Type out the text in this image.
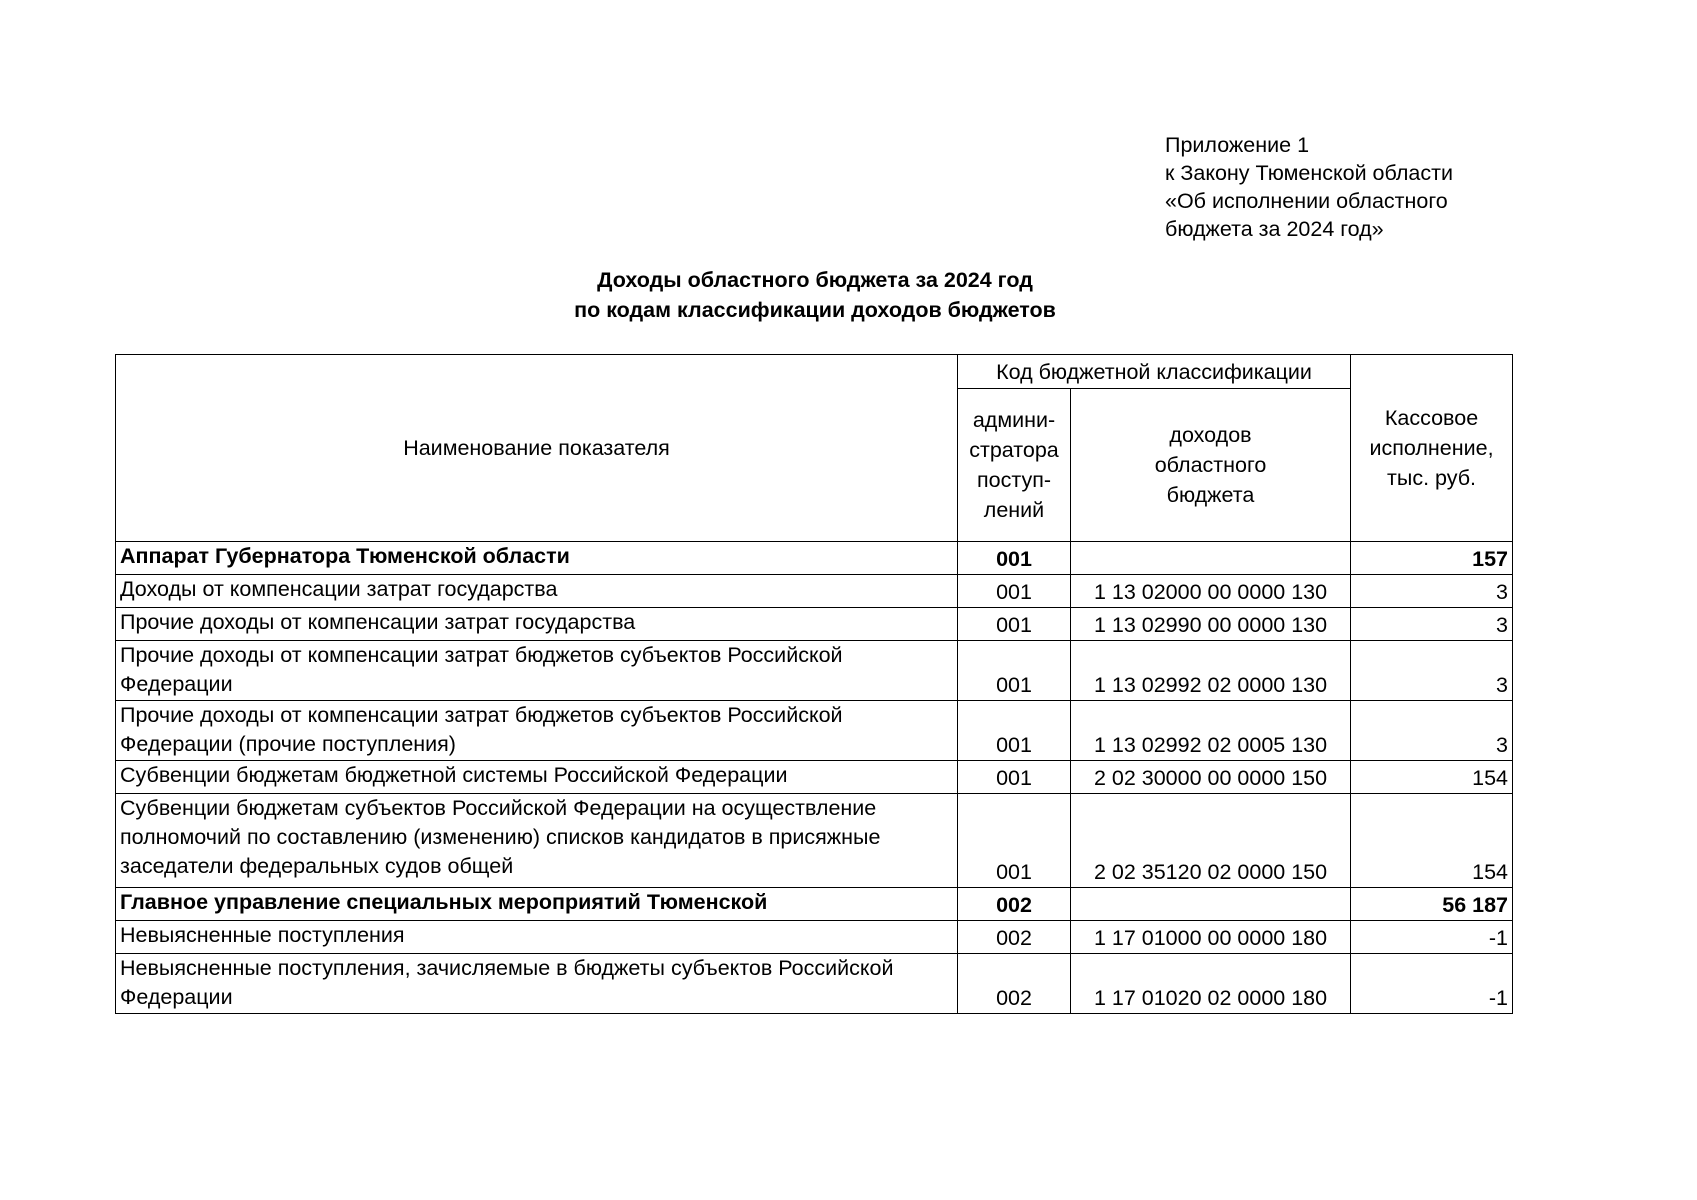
Приложение 1
к Закону Тюменской области
«Об исполнении областного
бюджета за 2024 год»
Доходы областного бюджета за 2024 год
по кодам классификации доходов бюджетов
Наименование показателя	Код бюджетной классификации		Кассовое
исполнение,
тыс. руб.
	админи-
стратора
поступ-
лений	доходов
областного
бюджета	
Аппарат Губернатора Тюменской области	001		157
Доходы от компенсации затрат государства	001	1 13 02000 00 0000 130	3
Прочие доходы от компенсации затрат государства	001	1 13 02990 00 0000 130	3
Прочие доходы от компенсации затрат бюджетов субъектов Российской Федерации	001	1 13 02992 02 0000 130	3
Прочие доходы от компенсации затрат бюджетов субъектов Российской Федерации (прочие поступления)	001	1 13 02992 02 0005 130	3
Субвенции бюджетам бюджетной системы Российской Федерации	001	2 02 30000 00 0000 150	154
Субвенции бюджетам субъектов Российской Федерации на осуществление полномочий по составлению (изменению) списков кандидатов в присяжные заседатели федеральных судов общей	001	2 02 35120 02 0000 150	154
Главное управление специальных мероприятий Тюменской	002		56 187
Невыясненные поступления	002	1 17 01000 00 0000 180	-1
Невыясненные поступления, зачисляемые в бюджеты субъектов Российской Федерации	002	1 17 01020 02 0000 180	-1
